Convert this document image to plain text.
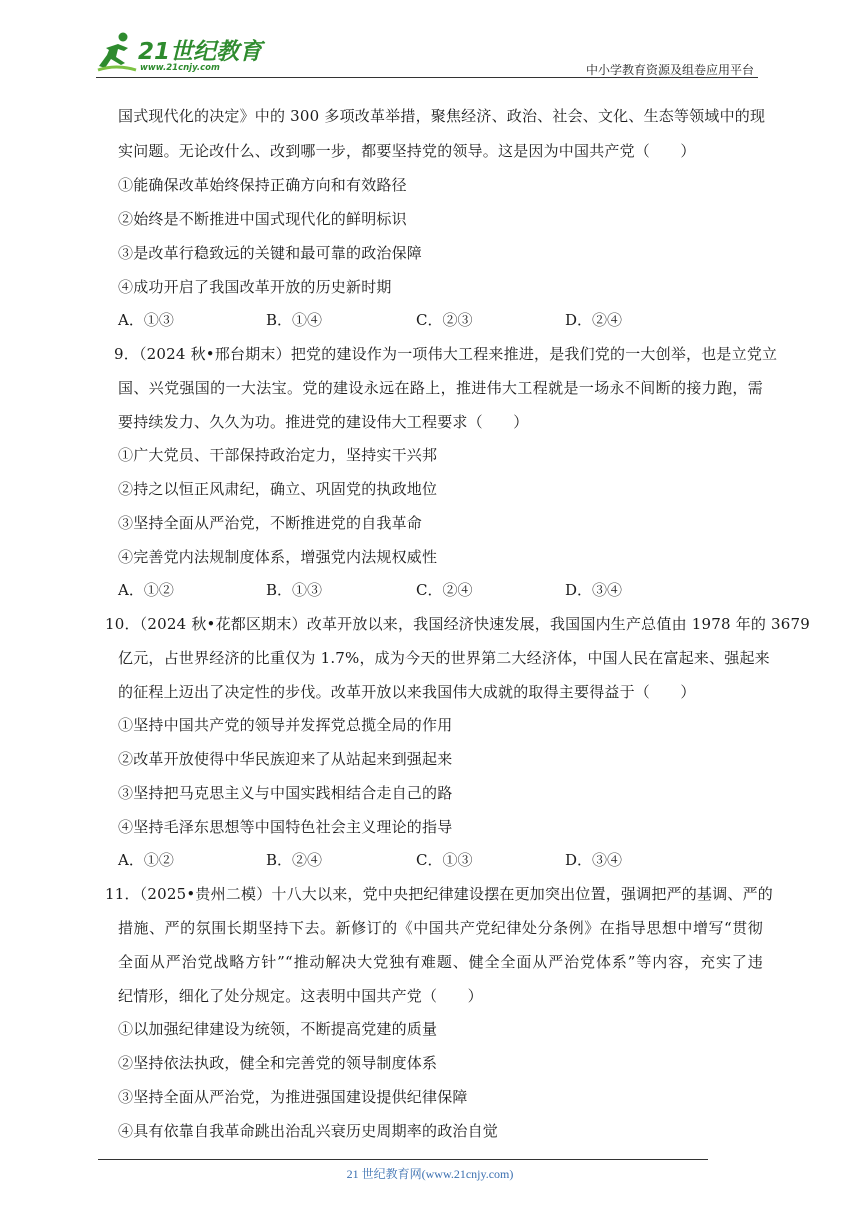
21世纪教育
www.21cnjy.com	中小学教育资源及组卷应用平台
国式现代化的决定》中的 300 多项改革举措，聚焦经济、政治、社会、文化、生态等领域中的现
实问题。无论改什么、改到哪一步，都要坚持党的领导。这是因为中国共产党（　　）
①能确保改革始终保持正确方向和有效路径
②始终是不断推进中国式现代化的鲜明标识
③是改革行稳致远的关键和最可靠的政治保障
④成功开启了我国改革开放的历史新时期
A．①③	B．①④	C．②③	D．②④
9．（2024 秋•邢台期末）把党的建设作为一项伟大工程来推进，是我们党的一大创举，也是立党立
国、兴党强国的一大法宝。党的建设永远在路上，推进伟大工程就是一场永不间断的接力跑，需
要持续发力、久久为功。推进党的建设伟大工程要求（　　）
①广大党员、干部保持政治定力，坚持实干兴邦
②持之以恒正风肃纪，确立、巩固党的执政地位
③坚持全面从严治党，不断推进党的自我革命
④完善党内法规制度体系，增强党内法规权威性
A．①②	B．①③	C．②④	D．③④
10．（2024 秋•花都区期末）改革开放以来，我国经济快速发展，我国国内生产总值由 1978 年的 3679
亿元，占世界经济的比重仅为 1.7%，成为今天的世界第二大经济体，中国人民在富起来、强起来
的征程上迈出了决定性的步伐。改革开放以来我国伟大成就的取得主要得益于（　　）
①坚持中国共产党的领导并发挥党总揽全局的作用
②改革开放使得中华民族迎来了从站起来到强起来
③坚持把马克思主义与中国实践相结合走自己的路
④坚持毛泽东思想等中国特色社会主义理论的指导
A．①②	B．②④	C．①③	D．③④
11．（2025•贵州二模）十八大以来，党中央把纪律建设摆在更加突出位置，强调把严的基调、严的
措施、严的氛围长期坚持下去。新修订的《中国共产党纪律处分条例》在指导思想中增写“贯彻
全面从严治党战略方针”“推动解决大党独有难题、健全全面从严治党体系”等内容，充实了违
纪情形，细化了处分规定。这表明中国共产党（　　）
①以加强纪律建设为统领，不断提高党建的质量
②坚持依法执政，健全和完善党的领导制度体系
③坚持全面从严治党，为推进强国建设提供纪律保障
④具有依靠自我革命跳出治乱兴衰历史周期率的政治自觉
21 世纪教育网(www.21cnjy.com)
